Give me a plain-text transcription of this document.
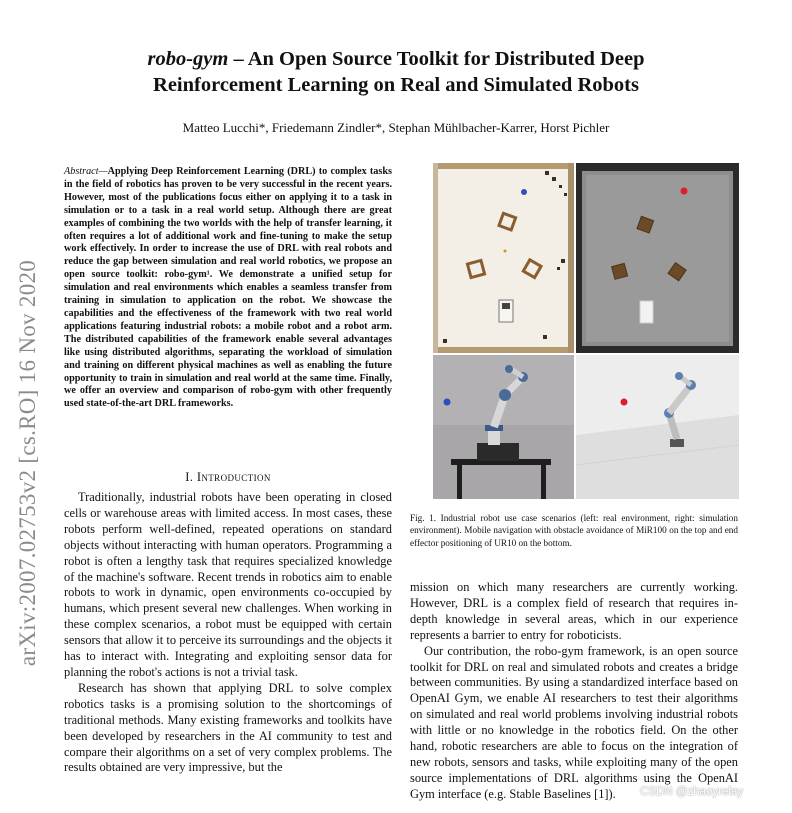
robo-gym – An Open Source Toolkit for Distributed Deep
Reinforcement Learning on Real and Simulated Robots
Matteo Lucchi*, Friedemann Zindler*, Stephan Mühlbacher-Karrer, Horst Pichler
arXiv:2007.02753v2 [cs.RO] 16 Nov 2020
Abstract—Applying Deep Reinforcement Learning (DRL) to complex tasks in the field of robotics has proven to be very successful in the recent years. However, most of the publications focus either on applying it to a task in simulation or to a task in a real world setup. Although there are great examples of combining the two worlds with the help of transfer learning, it often requires a lot of additional work and fine-tuning to make the setup work effectively. In order to increase the use of DRL with real robots and reduce the gap between simulation and real world robotics, we propose an open source toolkit: robo-gym¹. We demonstrate a unified setup for simulation and real environments which enables a seamless transfer from training in simulation to application on the robot. We showcase the capabilities and the effectiveness of the framework with two real world applications featuring industrial robots: a mobile robot and a robot arm. The distributed capabilities of the framework enable several advantages like using distributed algorithms, separating the workload of simulation and training on different physical machines as well as enabling the future opportunity to train in simulation and real world at the same time. Finally, we offer an overview and comparison of robo-gym with other frequently used state-of-the-art DRL frameworks.
I. Introduction

Traditionally, industrial robots have been operating in closed cells or warehouse areas with limited access. In most cases, these robots perform well-defined, repeated operations on standard objects without interacting with human operators. Programming a robot is often a lengthy task that requires specialized knowledge of the machine's software. Recent trends in robotics aim to enable robots to work in dynamic, open environments co-occupied by humans, which present several new challenges. When working in these complex scenarios, a robot must be equipped with certain sensors that allow it to perceive its surroundings and the objects it has to interact with. Integrating and exploiting sensor data for planning the robot's actions is not a trivial task.

Research has shown that applying DRL to solve complex robotics tasks is a promising solution to the shortcomings of traditional methods. Many existing frameworks and toolkits have been developed by researchers in the AI community to test and compare their algorithms on a set of very complex problems. The results obtained are very impressive, but the

Fig. 1. Industrial robot use case scenarios (left: real environment, right: simulation environment). Mobile navigation with obstacle avoidance of MiR100 on the top and end effector positioning of UR10 on the bottom.

mission on which many researchers are currently working. However, DRL is a complex field of research that requires in-depth knowledge in several areas, which in our experience represents a barrier to entry for roboticists.

Our contribution, the robo-gym framework, is an open source toolkit for DRL on real and simulated robots and creates a bridge between communities. By using a standardized interface based on OpenAI Gym, we enable AI researchers to test their algorithms on simulated and real world problems involving industrial robots with little or no knowledge in the robotics field. On the other hand, robotic researchers are able to focus on the integration of new robots, sensors and tasks, while exploiting many of the open source implementations of DRL algorithms using the OpenAI Gym interface (e.g. Stable Baselines [1]).	CSDN @zhaoyrelay
